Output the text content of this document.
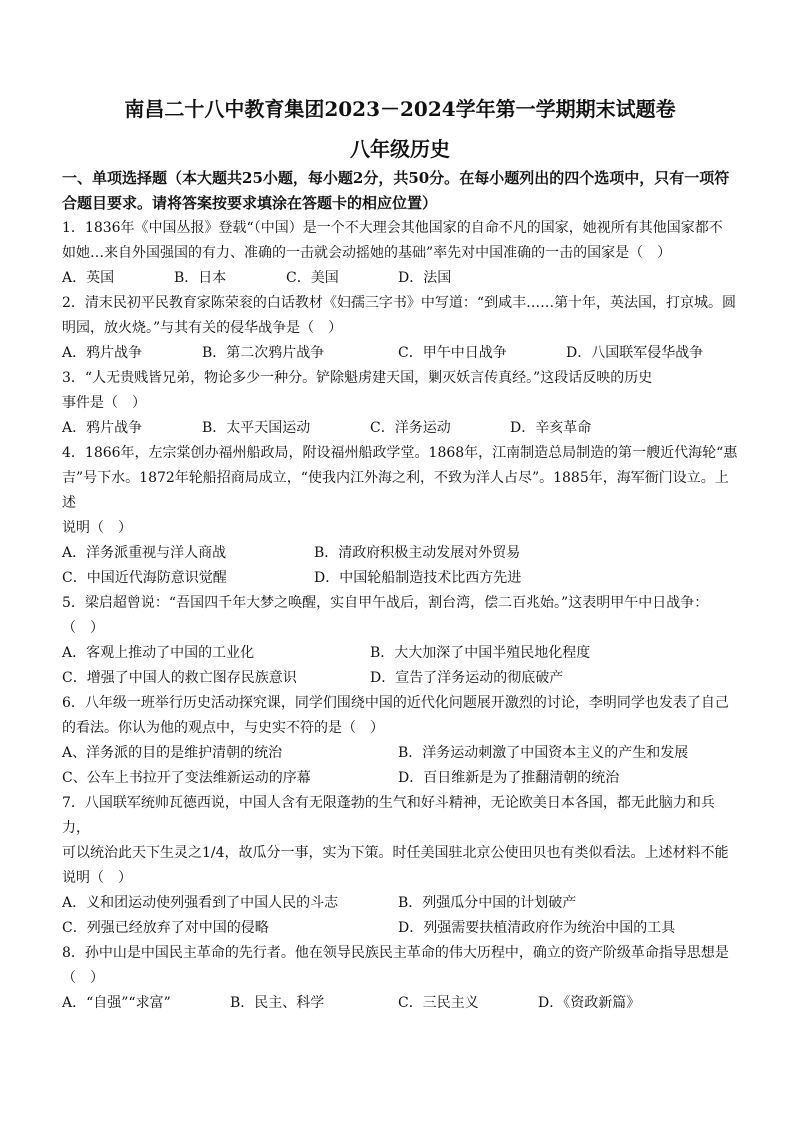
南昌二十八中教育集团2023－2024学年第一学期期末试题卷
八年级历史
一、单项选择题（本大题共25小题，每小题2分，共50分。在每小题列出的四个选项中，只有一项符合题目要求。请将答案按要求填涂在答题卡的相应位置）
1．1836年《中国丛报》登载“（中国）是一个不大理会其他国家的自命不凡的国家，她视所有其他国家都不
如她…来自外国强国的有力、准确的一击就会动摇她的基础”率先对中国准确的一击的国家是（　）
A．英国	B．日本	C．美国	D．法国
2．清末民初平民教育家陈荣衮的白话教材《妇孺三字书》中写道：“到咸丰……第十年，英法国，打京城。圆
明园，放火烧。”与其有关的侵华战争是（　）
A．鸦片战争	B．第二次鸦片战争	C．甲午中日战争	D．八国联军侵华战争
3．“人无贵贱皆兄弟，物论多少一种分。铲除魁虏建天国，剿灭妖言传真经。”这段话反映的历史
事件是（　）
A．鸦片战争	B．太平天国运动	C．洋务运动	D．辛亥革命
4．1866年，左宗棠创办福州船政局，附设福州船政学堂。1868年，江南制造总局制造的第一艘近代海轮“惠
吉”号下水。1872年轮船招商局成立，“使我内江外海之利，不致为洋人占尽”。1885年，海军衙门设立。上述
说明（　）
A．洋务派重视与洋人商战	B．清政府积极主动发展对外贸易
C．中国近代海防意识觉醒	D．中国轮船制造技术比西方先进
5．梁启超曾说：“吾国四千年大梦之唤醒，实自甲午战后，割台湾，偿二百兆始。”这表明甲午中日战争：
（　）
A．客观上推动了中国的工业化	B．大大加深了中国半殖民地化程度
C．增强了中国人的救亡图存民族意识	D．宣告了洋务运动的彻底破产
6．八年级一班举行历史活动探究课，同学们围绕中国的近代化问题展开激烈的讨论，李明同学也发表了自己
的看法。你认为他的观点中，与史实不符的是（　）
A、洋务派的目的是维护清朝的统治	B．洋务运动刺激了中国资本主义的产生和发展
C、公车上书拉开了变法维新运动的序幕	D．百日维新是为了推翻清朝的统治
7．八国联军统帅瓦德西说，中国人含有无限蓬勃的生气和好斗精神，无论欧美日本各国，都无此脑力和兵力，
可以统治此天下生灵之1/4，故瓜分一事，实为下策。时任美国驻北京公使田贝也有类似看法。上述材料不能
说明（　）
A．义和团运动使列强看到了中国人民的斗志	B．列强瓜分中国的计划破产
C．列强已经放弃了对中国的侵略	D．列强需要扶植清政府作为统治中国的工具
8．孙中山是中国民主革命的先行者。他在领导民族民主革命的伟大历程中，确立的资产阶级革命指导思想是
（　）
A．“自强”“求富”	B．民主、科学	C．三民主义	D．《资政新篇》
